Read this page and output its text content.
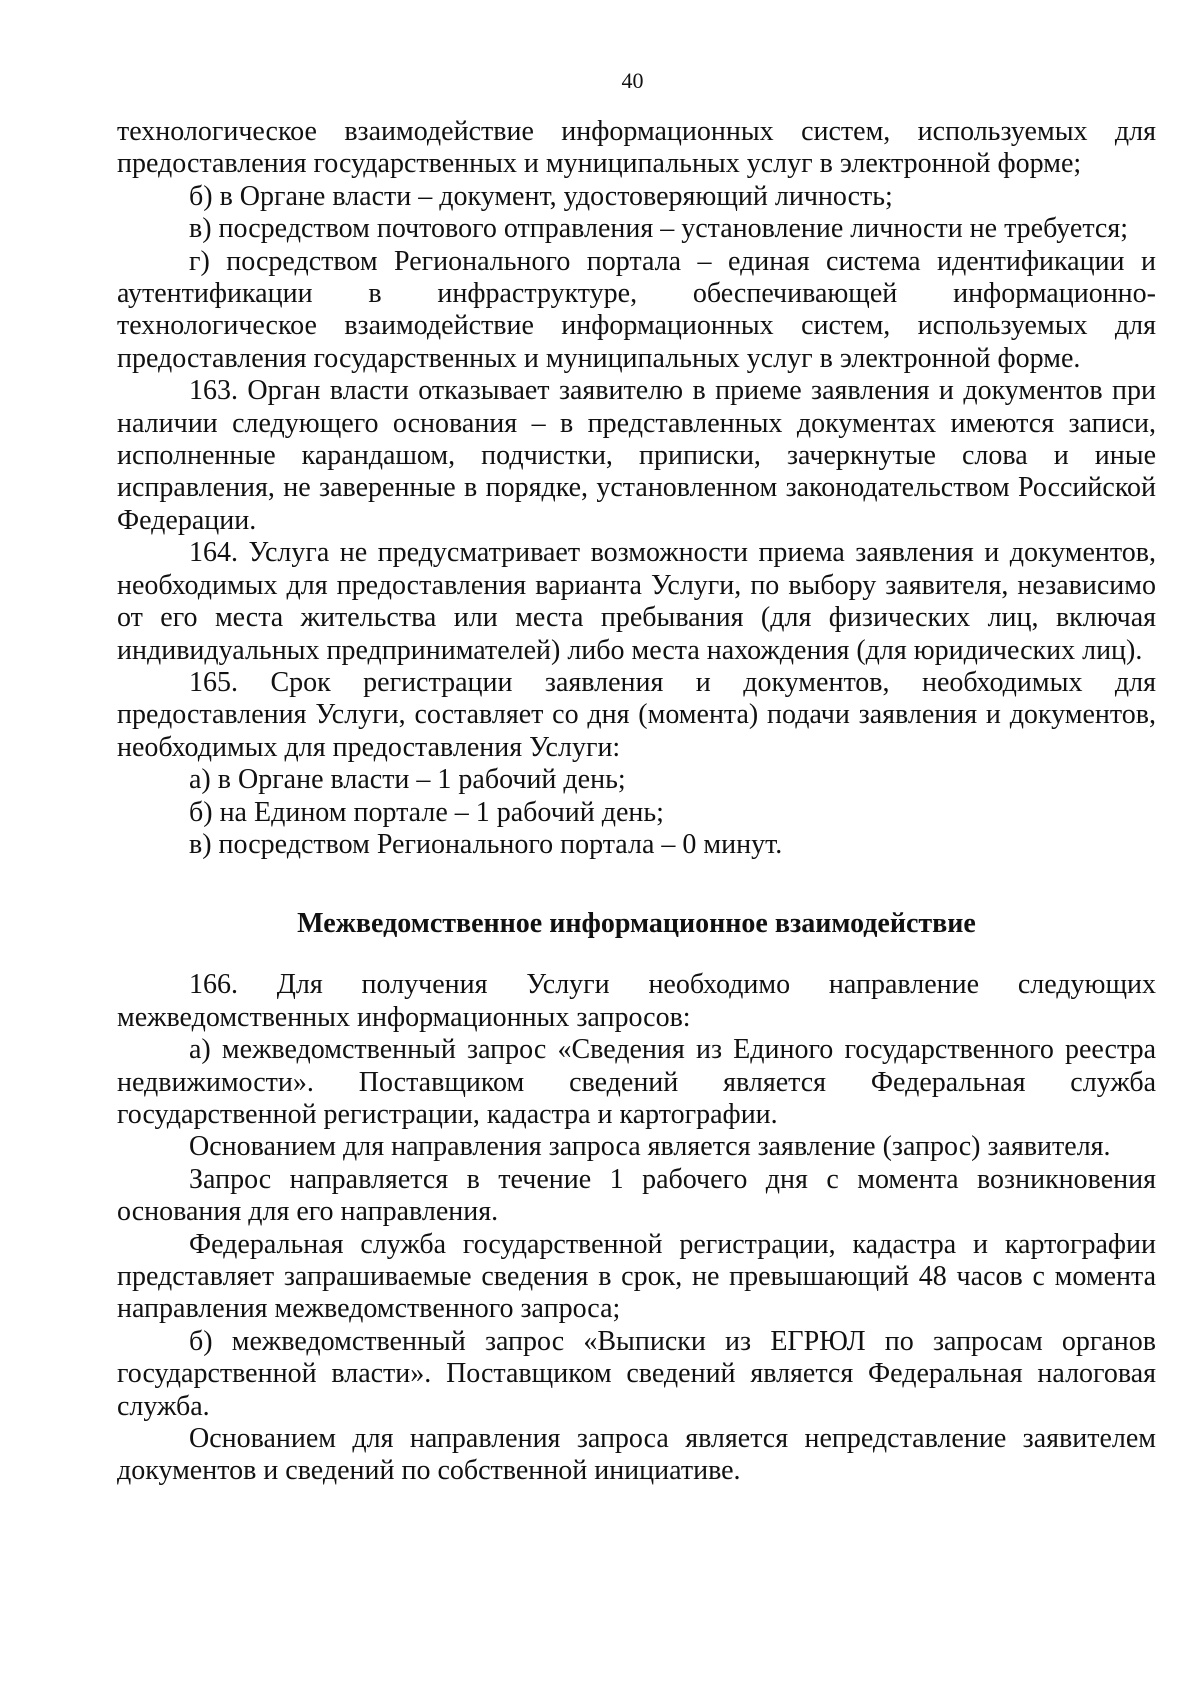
40

технологическое взаимодействие информационных систем, используемых для предоставления государственных и муниципальных услуг в электронной форме;

б) в Органе власти – документ, удостоверяющий личность;

в) посредством почтового отправления – установление личности не требуется;

г) посредством Регионального портала – единая система идентификации и аутентификации в инфраструктуре, обеспечивающей информационно-технологическое взаимодействие информационных систем, используемых для предоставления государственных и муниципальных услуг в электронной форме.

163. Орган власти отказывает заявителю в приеме заявления и документов при наличии следующего основания – в представленных документах имеются записи, исполненные карандашом, подчистки, приписки, зачеркнутые слова и иные исправления, не заверенные в порядке, установленном законодательством Российской Федерации.

164. Услуга не предусматривает возможности приема заявления и документов, необходимых для предоставления варианта Услуги, по выбору заявителя, независимо от его места жительства или места пребывания (для физических лиц, включая индивидуальных предпринимателей) либо места нахождения (для юридических лиц).

165. Срок регистрации заявления и документов, необходимых для предоставления Услуги, составляет со дня (момента) подачи заявления и документов, необходимых для предоставления Услуги:

а) в Органе власти – 1 рабочий день;

б) на Едином портале – 1 рабочий день;

в) посредством Регионального портала – 0 минут.

Межведомственное информационное взаимодействие

166. Для получения Услуги необходимо направление следующих межведомственных информационных запросов:

а) межведомственный запрос «Сведения из Единого государственного реестра недвижимости». Поставщиком сведений является Федеральная служба государственной регистрации, кадастра и картографии.

Основанием для направления запроса является заявление (запрос) заявителя.

Запрос направляется в течение 1 рабочего дня с момента возникновения основания для его направления.

Федеральная служба государственной регистрации, кадастра и картографии представляет запрашиваемые сведения в срок, не превышающий 48 часов с момента направления межведомственного запроса;

б) межведомственный запрос «Выписки из ЕГРЮЛ по запросам органов государственной власти». Поставщиком сведений является Федеральная налоговая служба.

Основанием для направления запроса является непредставление заявителем документов и сведений по собственной инициативе.
